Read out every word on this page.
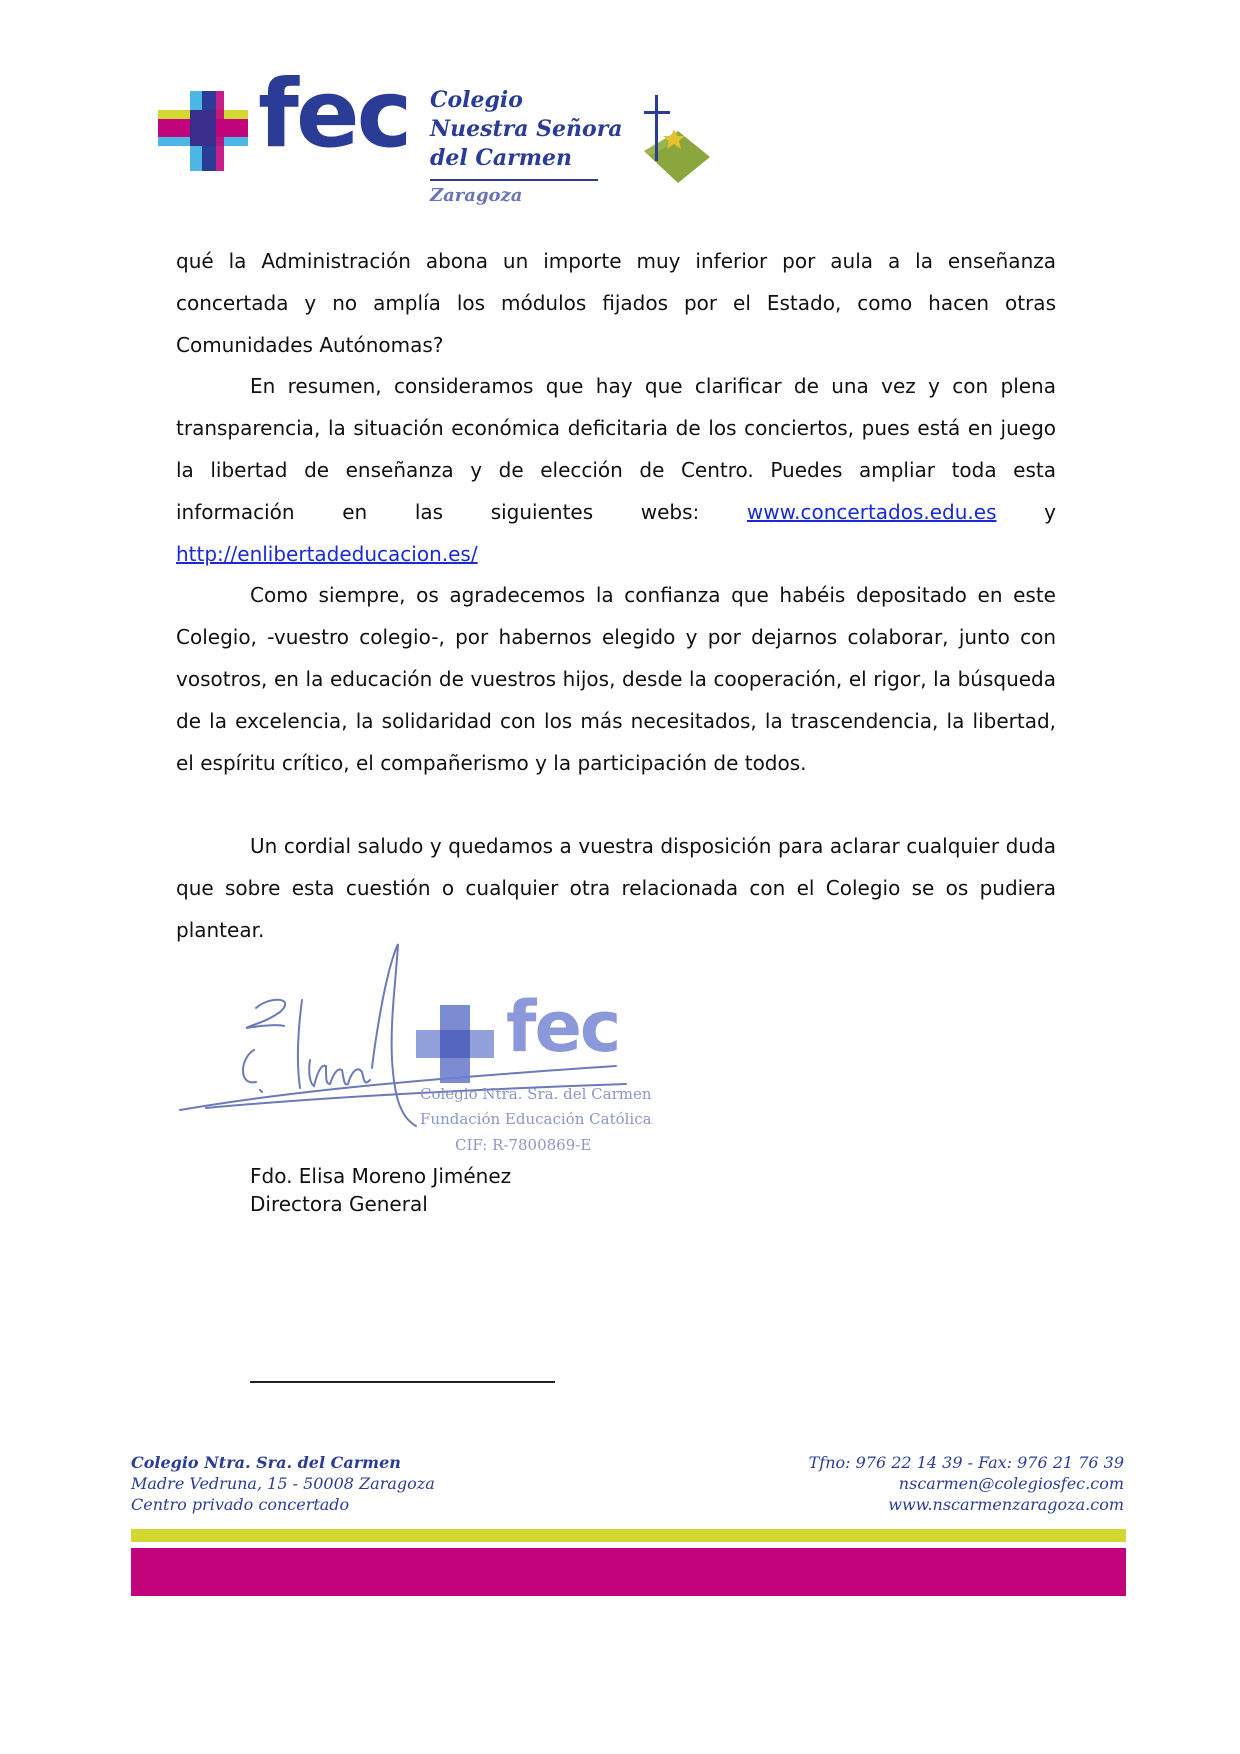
fec Colegio
Nuestra Señora
del Carmen
Zaragoza

qué la Administración abona un importe muy inferior por aula a la enseñanza concertada y no amplía los módulos fijados por el Estado, como hacen otras Comunidades Autónomas?

En resumen, consideramos que hay que clarificar de una vez y con plena transparencia, la situación económica deficitaria de los conciertos, pues está en juego la libertad de enseñanza y de elección de Centro. Puedes ampliar toda esta información en las siguientes webs: www.concertados.edu.es y http://enlibertadeducacion.es/

Como siempre, os agradecemos la confianza que habéis depositado en este Colegio, -vuestro colegio-, por habernos elegido y por dejarnos colaborar, junto con vosotros, en la educación de vuestros hijos, desde la cooperación, el rigor, la búsqueda de la excelencia, la solidaridad con los más necesitados, la trascendencia, la libertad, el espíritu crítico, el compañerismo y la participación de todos.

Un cordial saludo y quedamos a vuestra disposición para aclarar cualquier duda que sobre esta cuestión o cualquier otra relacionada con el Colegio se os pudiera plantear.

fec
Colegio Ntra. Sra. del Carmen
Fundación Educación Católica
CIF: R-7800869-E
Fdo. Elisa Moreno Jiménez
Directora General
Colegio Ntra. Sra. del Carmen
Madre Vedruna, 15 - 50008 Zaragoza
Centro privado concertado
Tfno: 976 22 14 39 - Fax: 976 21 76 39
nscarmen@colegiosfec.com
www.nscarmenzaragoza.com
